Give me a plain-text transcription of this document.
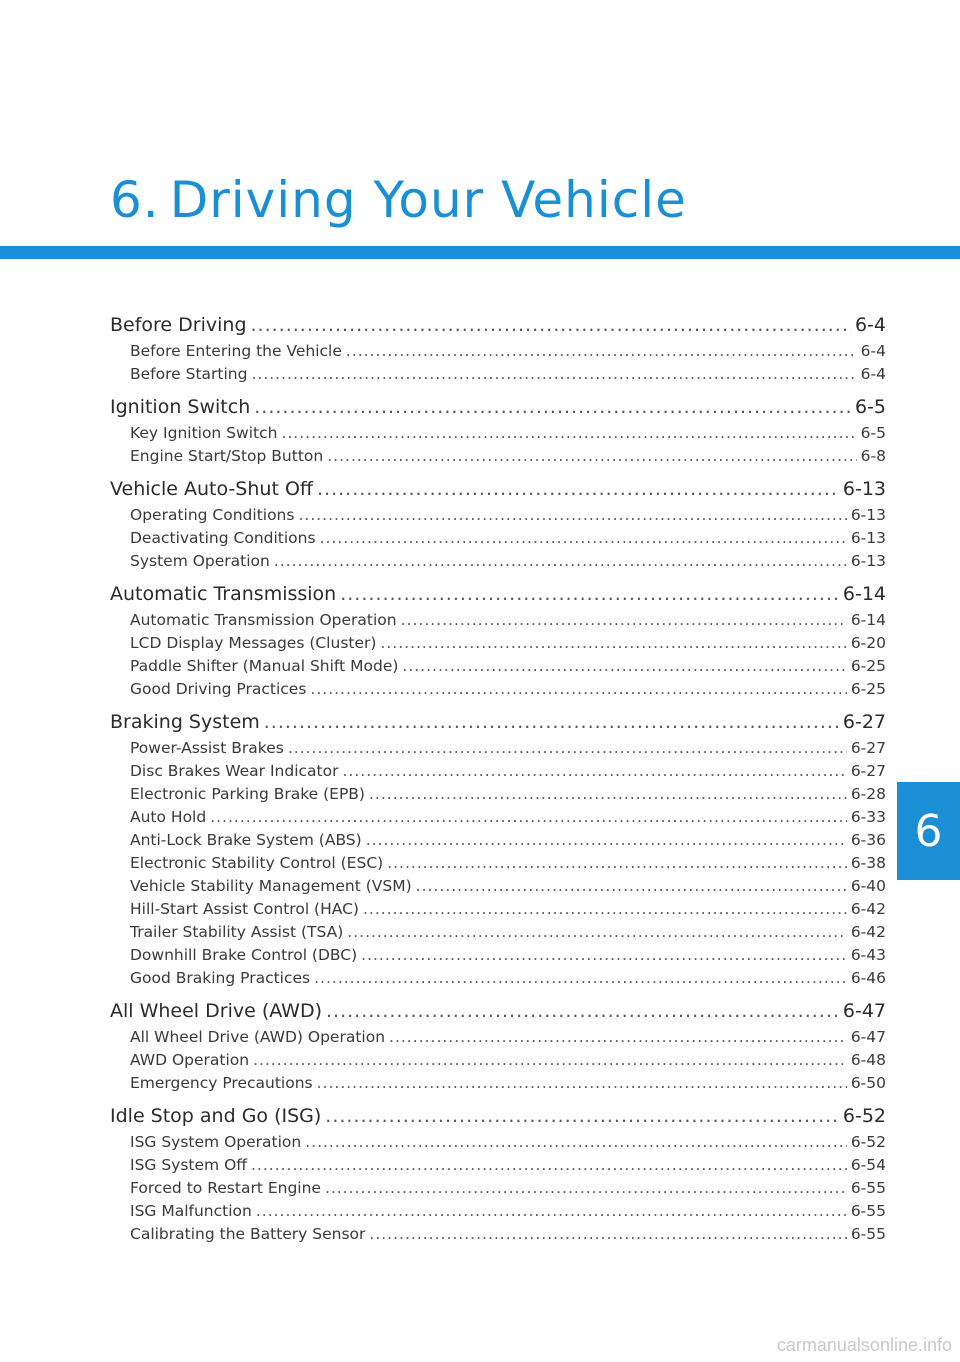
6. Driving Your Vehicle
Before Driving .....	6-4
Before Entering the Vehicle .....	6-4
Before Starting .....	6-4
Ignition Switch .....	6-5
Key Ignition Switch .....	6-5
Engine Start/Stop Button .....	6-8
Vehicle Auto-Shut Off .....	6-13
Operating Conditions .....	6-13
Deactivating Conditions .....	6-13
System Operation .....	6-13
Automatic Transmission .....	6-14
Automatic Transmission Operation .....	6-14
LCD Display Messages (Cluster) .....	6-20
Paddle Shifter (Manual Shift Mode) .....	6-25
Good Driving Practices .....	6-25
Braking System .....	6-27
Power-Assist Brakes .....	6-27
Disc Brakes Wear Indicator .....	6-27
Electronic Parking Brake (EPB) .....	6-28
Auto Hold .....	6-33
Anti-Lock Brake System (ABS) .....	6-36
Electronic Stability Control (ESC) .....	6-38
Vehicle Stability Management (VSM) .....	6-40
Hill-Start Assist Control (HAC) .....	6-42
Trailer Stability Assist (TSA) .....	6-42
Downhill Brake Control (DBC) .....	6-43
Good Braking Practices .....	6-46
All Wheel Drive (AWD) .....	6-47
All Wheel Drive (AWD) Operation .....	6-47
AWD Operation .....	6-48
Emergency Precautions .....	6-50
Idle Stop and Go (ISG) .....	6-52
ISG System Operation .....	6-52
ISG System Off .....	6-54
Forced to Restart Engine .....	6-55
ISG Malfunction .....	6-55
Calibrating the Battery Sensor .....	6-55
6
carmanualsonline.info
